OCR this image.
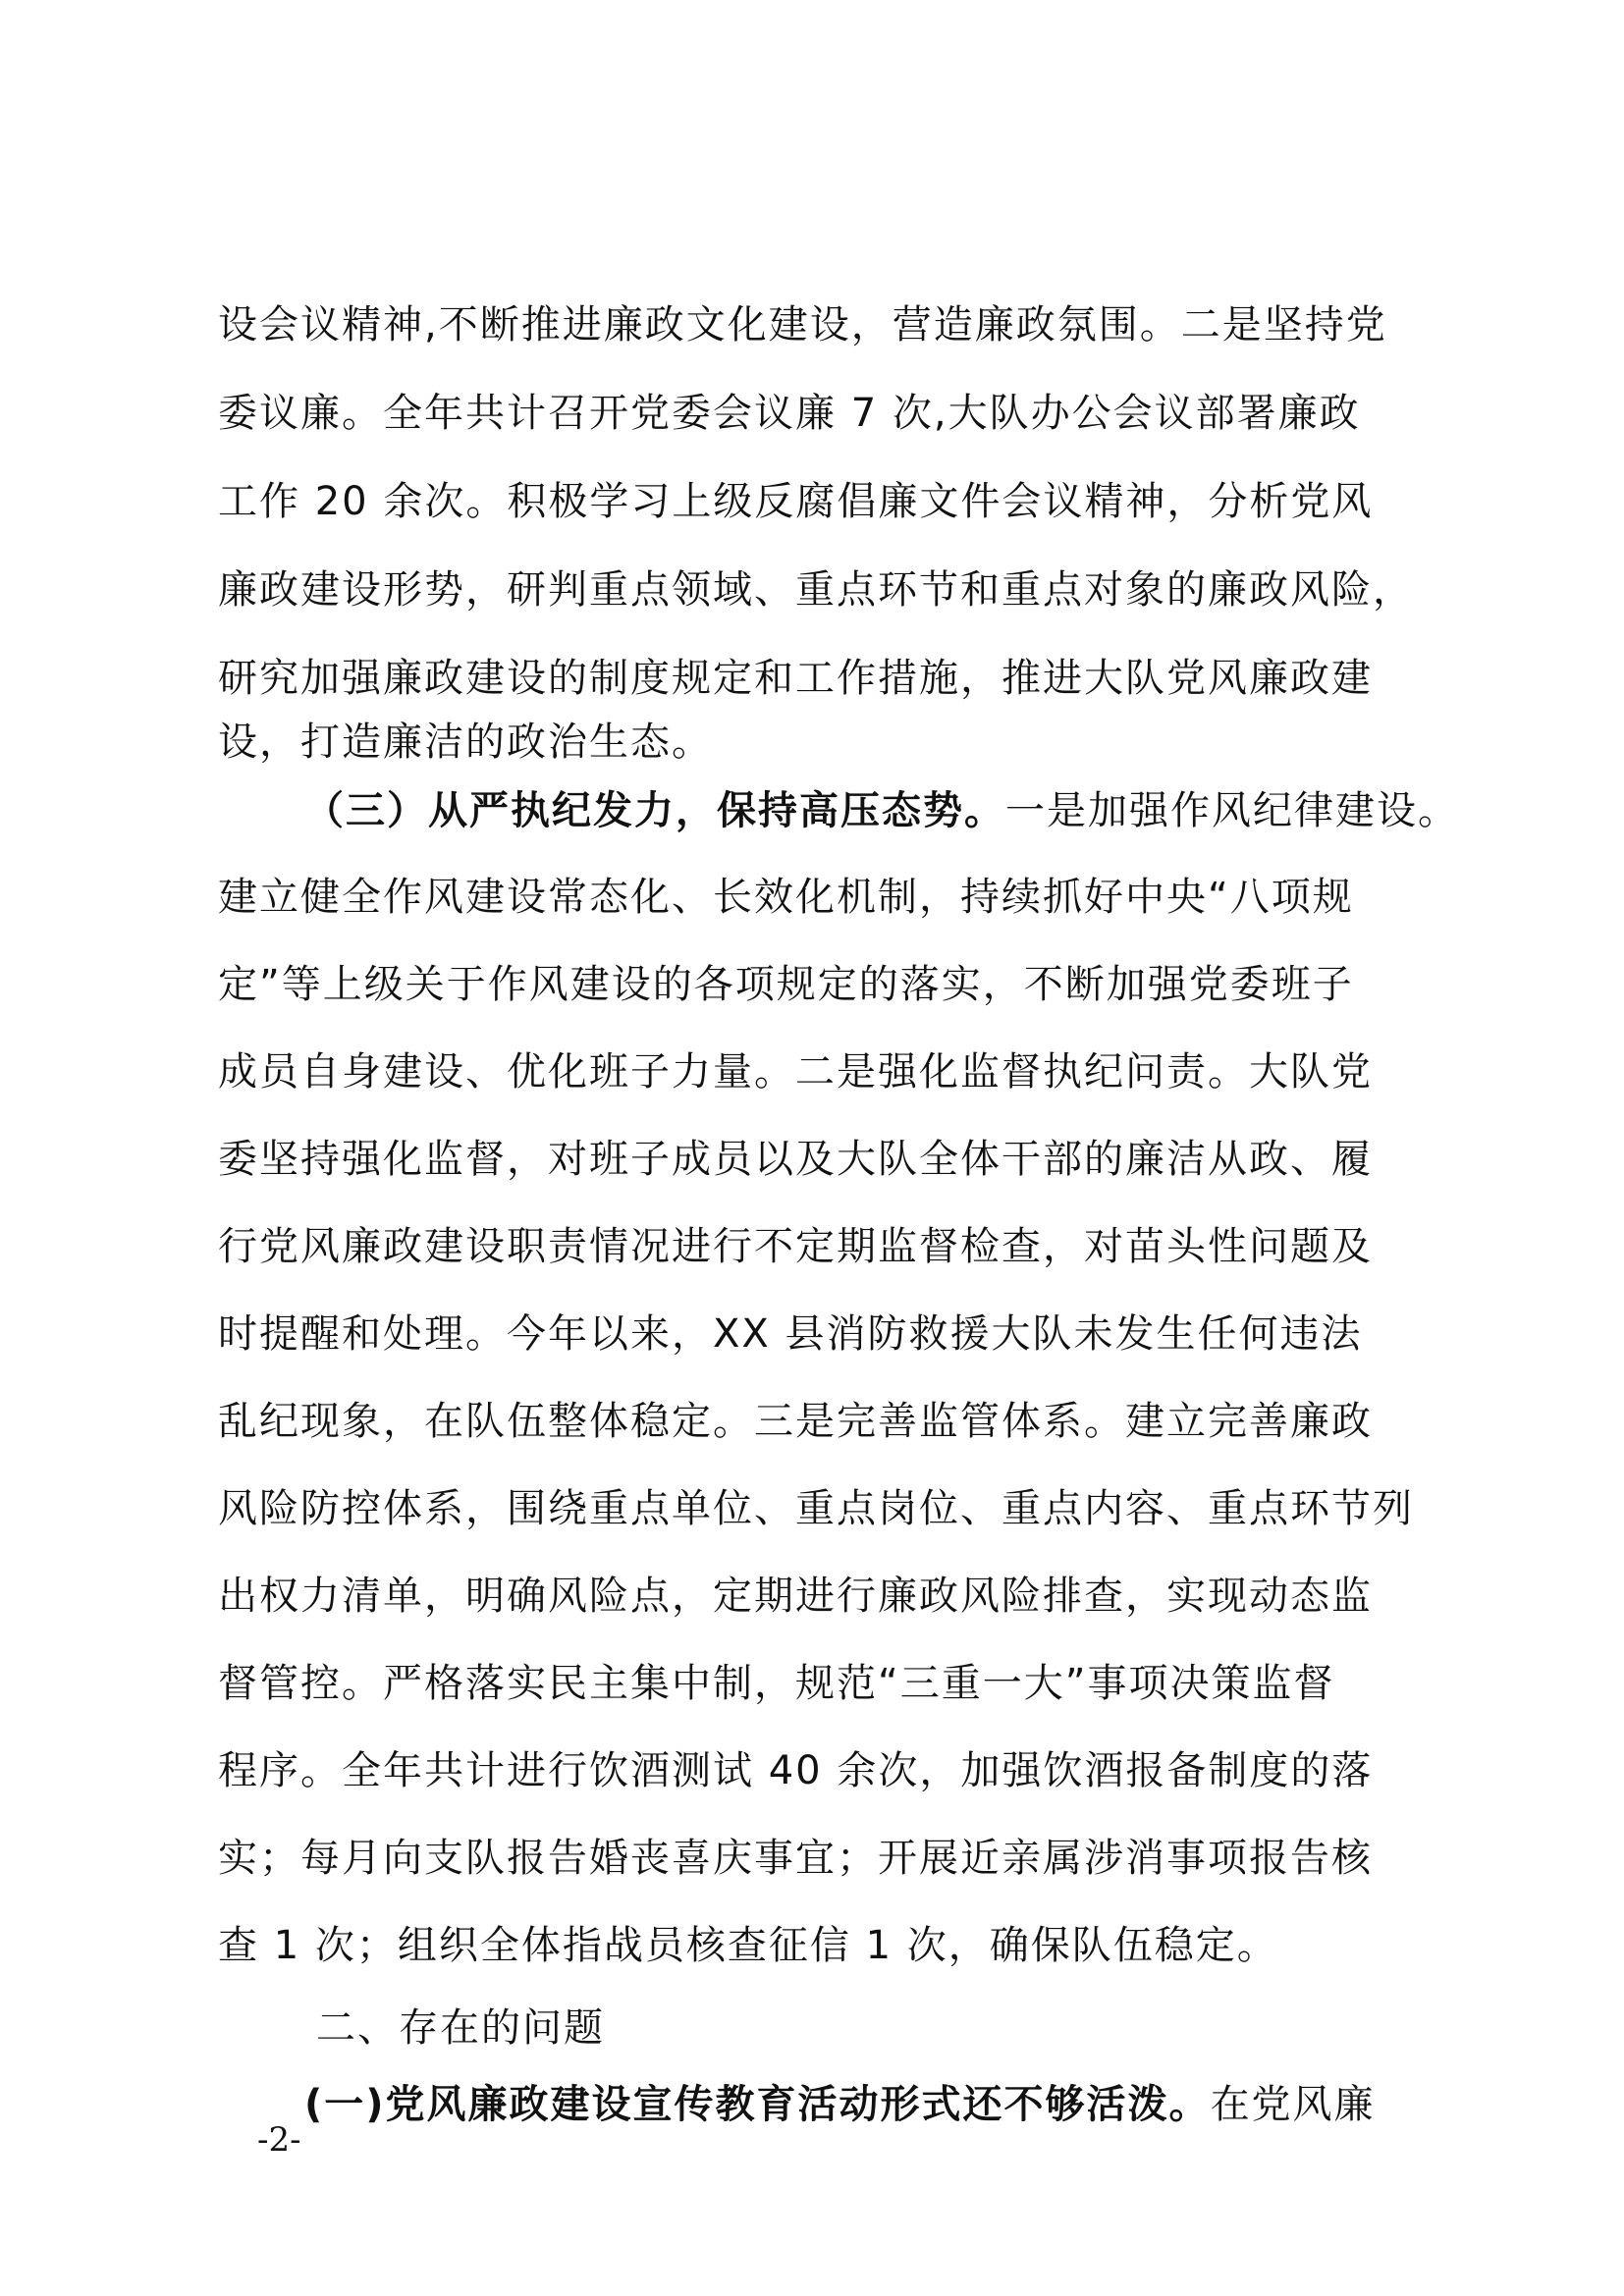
设会议精神,不断推进廉政文化建设，营造廉政氛围。二是坚持党
委议廉。全年共计召开党委会议廉 7 次,大队办公会议部署廉政
工作 20 余次。积极学习上级反腐倡廉文件会议精神，分析党风
廉政建设形势，研判重点领域、重点环节和重点对象的廉政风险，
研究加强廉政建设的制度规定和工作措施，推进大队党风廉政建
设，打造廉洁的政治生态。
（三）从严执纪发力，保持高压态势。一是加强作风纪律建设。
建立健全作风建设常态化、长效化机制，持续抓好中央“八项规
定”等上级关于作风建设的各项规定的落实，不断加强党委班子
成员自身建设、优化班子力量。二是强化监督执纪问责。大队党
委坚持强化监督，对班子成员以及大队全体干部的廉洁从政、履
行党风廉政建设职责情况进行不定期监督检查，对苗头性问题及
时提醒和处理。今年以来，XX 县消防救援大队未发生任何违法
乱纪现象，在队伍整体稳定。三是完善监管体系。建立完善廉政
风险防控体系，围绕重点单位、重点岗位、重点内容、重点环节列
出权力清单，明确风险点，定期进行廉政风险排查，实现动态监
督管控。严格落实民主集中制，规范“三重一大”事项决策监督
程序。全年共计进行饮酒测试 40 余次，加强饮酒报备制度的落
实；每月向支队报告婚丧喜庆事宜；开展近亲属涉消事项报告核
查 1 次；组织全体指战员核查征信 1 次，确保队伍稳定。
二、存在的问题
(一)党风廉政建设宣传教育活动形式还不够活泼。在党风廉
-2-
